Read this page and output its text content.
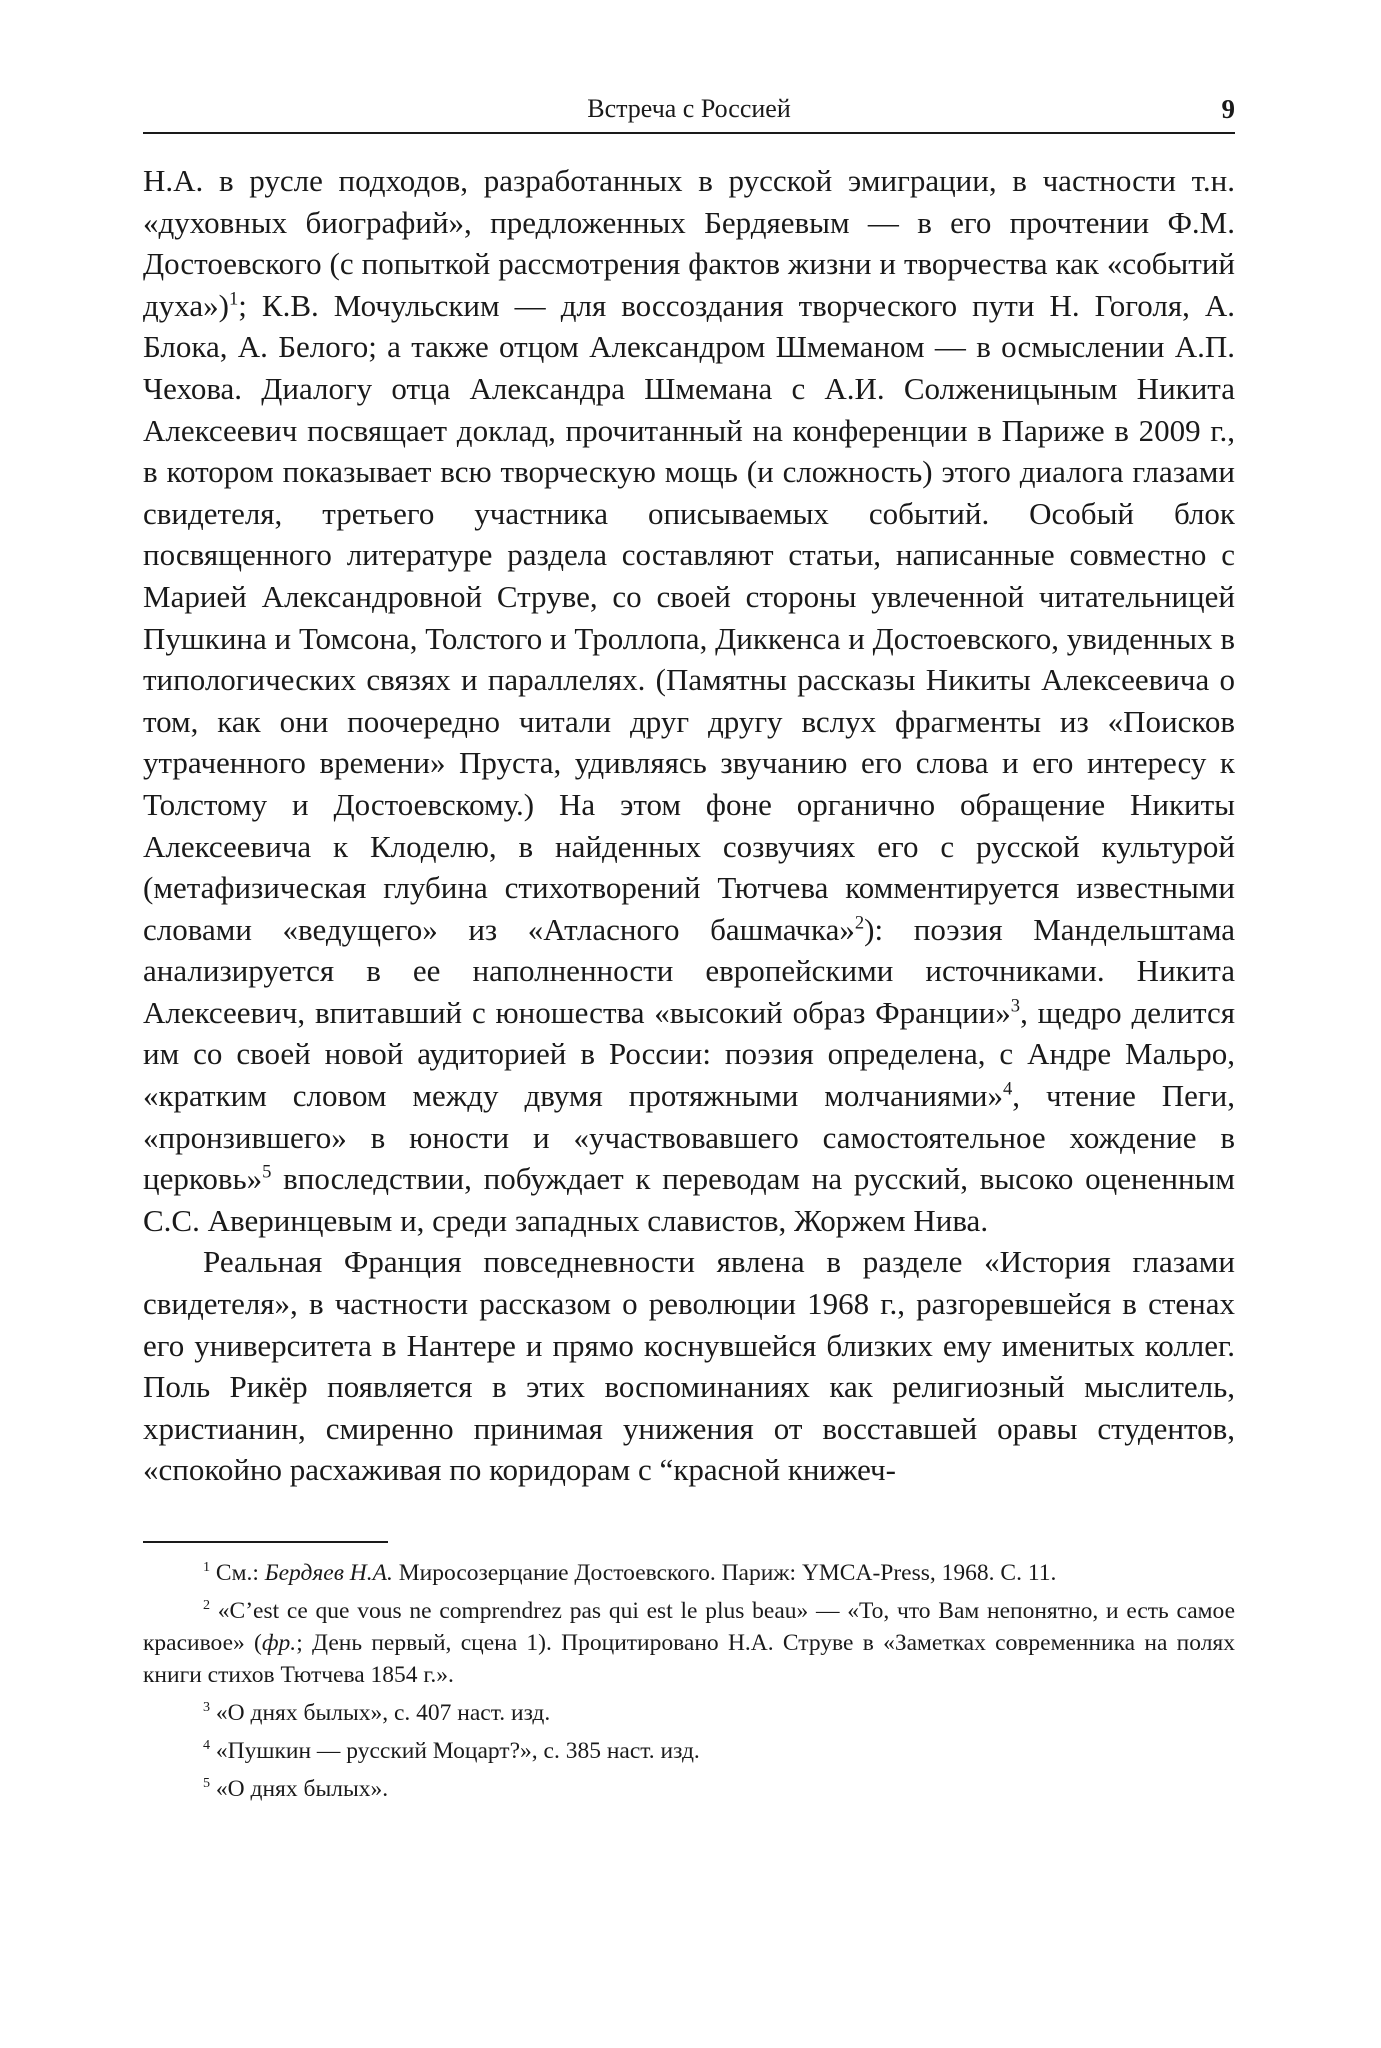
Встреча с Россией	9

Н.А. в русле подходов, разработанных в русской эмиграции, в частности т.н. «духовных биографий», предложенных Бердяевым — в его прочтении Ф.М. Достоевского (с попыткой рассмотрения фактов жизни и творчества как «событий духа»)$^1$; К.В. Мочульским — для воссоздания творческого пути Н. Гоголя, А. Блока, А. Белого; а также отцом Александром Шмеманом — в осмыслении А.П. Чехова. Диалогу отца Александра Шмемана с А.И. Солженицыным Никита Алексеевич посвящает доклад, прочитанный на конференции в Париже в 2009 г., в котором показывает всю творческую мощь (и сложность) этого диалога глазами свидетеля, третьего участника описываемых событий. Особый блок посвященного литературе раздела составляют статьи, написанные совместно с Марией Александровной Струве, со своей стороны увлеченной читательницей Пушкина и Томсона, Толстого и Троллопа, Диккенса и Достоевского, увиденных в типологических связях и параллелях. (Памятны рассказы Никиты Алексеевича о том, как они поочередно читали друг другу вслух фрагменты из «Поисков утраченного времени» Пруста, удивляясь звучанию его слова и его интересу к Толстому и Достоевскому.) На этом фоне органично обращение Никиты Алексеевича к Клоделю, в найденных созвучиях его с русской культурой (метафизическая глубина стихотворений Тютчева комментируется известными словами «ведущего» из «Атласного башмачка»$^2$): поэзия Мандельштама анализируется в ее наполненности европейскими источниками. Никита Алексеевич, впитавший с юношества «высокий образ Франции»$^3$, щедро делится им со своей новой аудиторией в России: поэзия определена, с Андре Мальро, «кратким словом между двумя протяжными молчаниями»$^4$, чтение Пеги, «пронзившего» в юности и «участвовавшего самостоятельное хождение в церковь»$^5$ впоследствии, побуждает к переводам на русский, высоко оцененным С.С. Аверинцевым и, среди западных славистов, Жоржем Нива.

Реальная Франция повседневности явлена в разделе «История глазами свидетеля», в частности рассказом о революции 1968 г., разгоревшейся в стенах его университета в Нантере и прямо коснувшейся близких ему именитых коллег. Поль Рикёр появляется в этих воспоминаниях как религиозный мыслитель, христианин, смиренно принимая унижения от восставшей оравы студентов, «спокойно расхаживая по коридорам с “красной книжеч-

$^1$ См.: Бердяев Н.А. Миросозерцание Достоевского. Париж: YMCA-Press, 1968. С. 11.

$^2$ «C’est ce que vous ne comprendrez pas qui est le plus beau» — «То, что Вам непонятно, и есть самое красивое» (фр.; День первый, сцена 1). Процитировано Н.А. Струве в «Заметках современника на полях книги стихов Тютчева 1854 г.».

$^3$ «О днях былых», с. 407 наст. изд.

$^4$ «Пушкин — русский Моцарт?», с. 385 наст. изд.

$^5$ «О днях былых».
